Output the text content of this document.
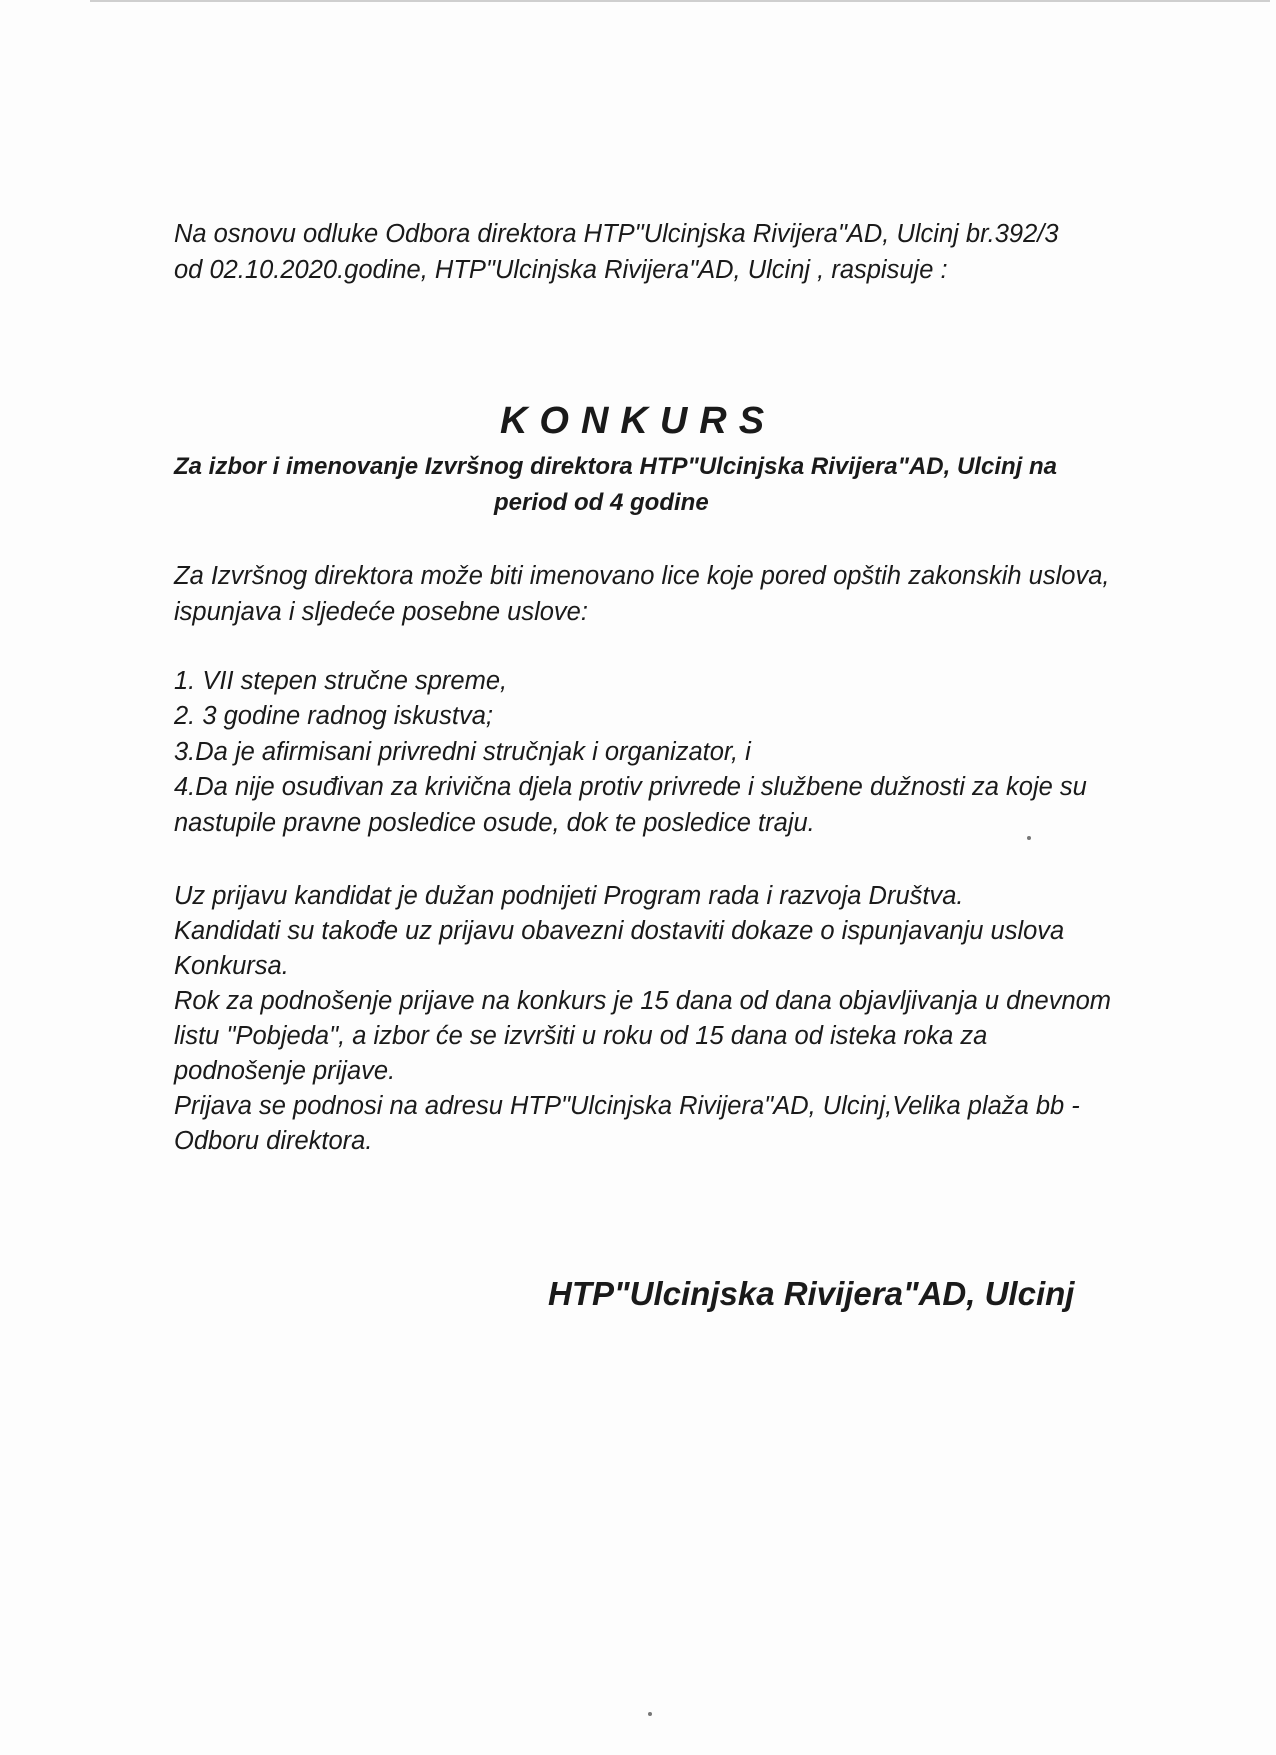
Na osnovu odluke Odbora direktora HTP"Ulcinjska Rivijera"AD, Ulcinj br.392/3
od 02.10.2020.godine, HTP"Ulcinjska Rivijera"AD, Ulcinj , raspisuje :
KONKURS
Za izbor i imenovanje Izvršnog direktora HTP"Ulcinjska Rivijera"AD, Ulcinj na
period od 4 godine
Za Izvršnog direktora može biti imenovano lice koje pored opštih zakonskih uslova,
ispunjava i sljedeće posebne uslove:
1. VII stepen stručne spreme,
2. 3 godine radnog iskustva;
3.Da je afirmisani privredni stručnjak i organizator, i
4.Da nije osuđivan za krivična djela protiv privrede i službene dužnosti za koje su
nastupile pravne posledice osude, dok te posledice traju.
Uz prijavu kandidat je dužan podnijeti Program rada i razvoja Društva.
Kandidati su takođe uz prijavu obavezni dostaviti dokaze o ispunjavanju uslova
Konkursa.
Rok za podnošenje prijave na konkurs je 15 dana od dana objavljivanja u dnevnom
listu "Pobjeda", a izbor će se izvršiti u roku od 15 dana od isteka roka za
podnošenje prijave.
Prijava se podnosi na adresu HTP"Ulcinjska Rivijera"AD, Ulcinj,Velika plaža bb -
Odboru direktora.
HTP"Ulcinjska Rivijera"AD, Ulcinj
